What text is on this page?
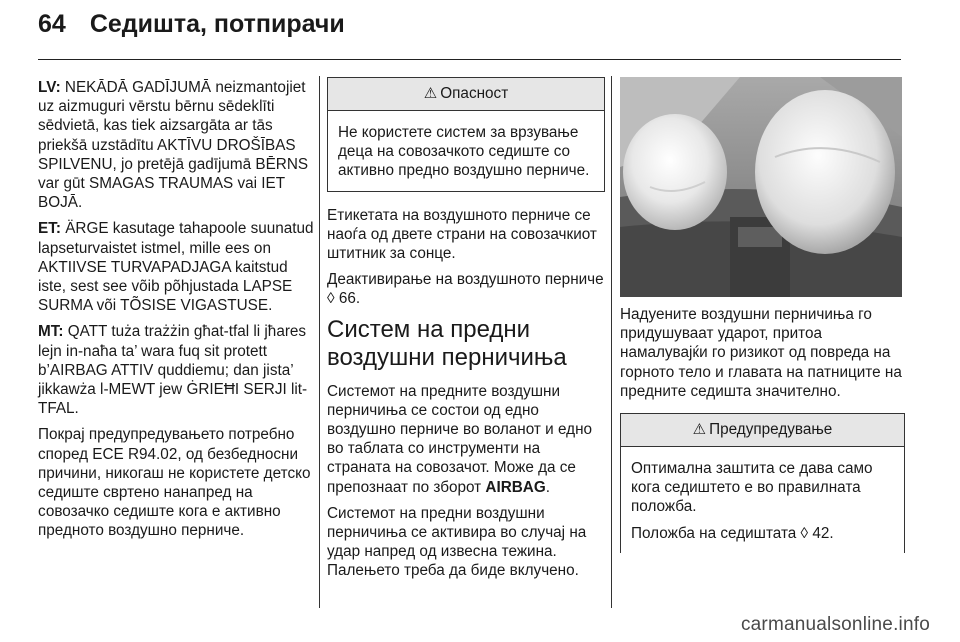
64 Седишта, потпирачи

LV: NEKĀDĀ GADĪJUMĀ neizmantojiet uz aizmuguri vērstu bērnu sēdeklīti sēdvietā, kas tiek aizsargāta ar tās priekšā uzstādītu AKTĪVU DROŠĪBAS SPILVENU, jo pretējā gadījumā BĒRNS var gūt SMAGAS TRAUMAS vai IET BOJĀ.

ET: ÄRGE kasutage tahapoole suunatud lapseturvaistet istmel, mille ees on AKTIIVSE TURVAPADJAGA kaitstud iste, sest see võib põhjustada LAPSE SURMA või TÕSISE VIGASTUSE.

MT: QATT tuża trażżin għat-tfal li jħares lejn in-naħa ta’ wara fuq sit protett b’AIRBAG ATTIV quddiemu; dan jista’ jikkawża l-MEWT jew ĠRIEĦI SERJI lit-TFAL.

Покрај предупредувањето потребно според ECE R94.02, од безбедносни причини, никогаш не користете детско седиште свртено нанапред на совозачко седиште кога е активно предното воздушно перниче.

⚠ Опасност

Не користете систем за врзување деца на совозачкото седиште со активно предно воздушно перниче.

Етикетата на воздушното перниче се наоѓа од двете страни на совозачкиот штитник за сонце.

Деактивирање на воздушното перниче ◊ 66.

Систем на предни воздушни перничиња

Системот на предните воздушни перничиња се состои од едно воздушно перниче во воланот и едно во таблата со инструменти на страната на совозачот. Може да се препознаат по зборот AIRBAG.

Системот на предни воздушни перничиња се активира во случај на удар напред од извесна тежина. Палењето треба да биде вклучено.

Надуените воздушни перничиња го придушуваат ударот, притоа намалувајќи го ризикот од повреда на горното тело и главата на патниците на предните седишта значително.

⚠ Предупредување

Оптимална заштита се дава само кога седиштето е во правилната положба.

Положба на седиштата ◊ 42.

carmanualsonline.info
